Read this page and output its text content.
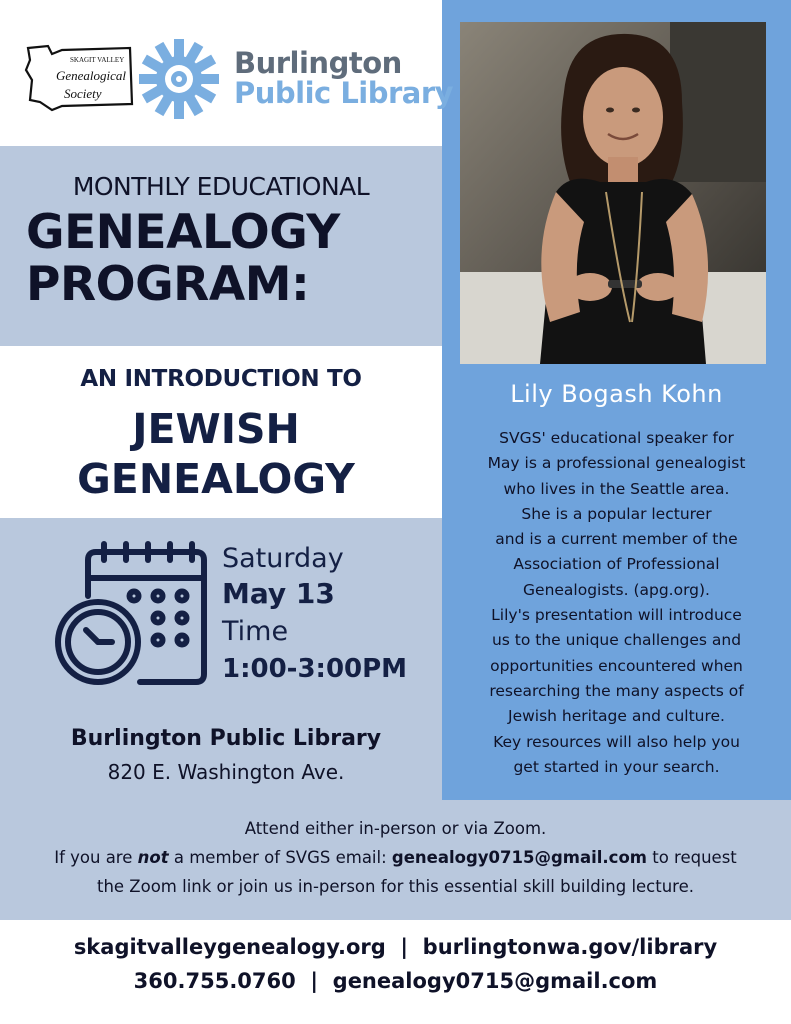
SKAGIT VALLEY
Genealogical
Society
Burlington
Public Library
MONTHLY EDUCATIONAL
GENEALOGY
PROGRAM:
AN INTRODUCTION TO
JEWISH
GENEALOGY
Saturday
May 13
Time
1:00-3:00PM
Burlington Public Library
820 E. Washington Ave.
Lily Bogash Kohn
SVGS' educational speaker for
May is a professional genealogist
who lives in the Seattle area.
She is a popular lecturer
and is a current member of the
Association of Professional
Genealogists. (apg.org).
Lily's presentation will introduce
us to the unique challenges and
opportunities encountered when
researching the many aspects of
Jewish heritage and culture.
Key resources will also help you
get started in your search.
Attend either in-person or via Zoom.
If you are not a member of SVGS email: genealogy0715@gmail.com to request
the Zoom link or join us in-person for this essential skill building lecture.
skagitvalleygenealogy.org  |  burlingtonwa.gov/library
360.755.0760  |  genealogy0715@gmail.com
